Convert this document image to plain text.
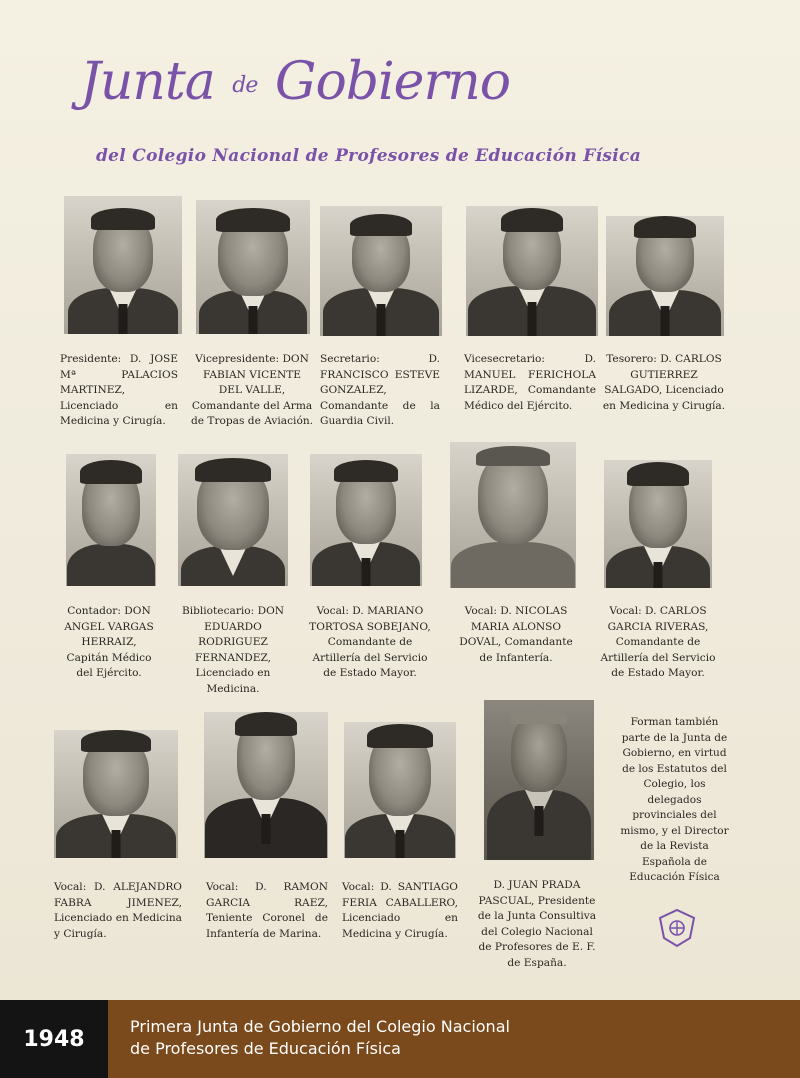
Junta de Gobierno
del Colegio Nacional de Profesores de Educación Física
Presidente: D. JOSE Mª PALACIOS MARTINEZ, Licenciado en Medicina y Cirugía.
Vicepresidente: DON FABIAN VICENTE DEL VALLE, Comandante del Arma de Tropas de Aviación.
Secretario: D. FRANCISCO ESTEVE GONZALEZ, Comandante de la Guardia Civil.
Vicesecretario: D. MANUEL FERICHOLA LIZARDE, Comandante Médico del Ejército.
Tesorero: D. CARLOS GUTIERREZ SALGADO, Licenciado en Medicina y Cirugía.
Contador: DON ANGEL VARGAS HERRAIZ, Capitán Médico del Ejército.
Bibliotecario: DON EDUARDO RODRIGUEZ FERNANDEZ, Licenciado en Medicina.
Vocal: D. MARIANO TORTOSA SOBEJANO, Comandante de Artillería del Servicio de Estado Mayor.
Vocal: D. NICOLAS MARIA ALONSO DOVAL, Comandante de Infantería.
Vocal: D. CARLOS GARCIA RIVERAS, Comandante de Artillería del Servicio de Estado Mayor.
Vocal: D. ALEJANDRO FABRA JIMENEZ, Licenciado en Medicina y Cirugía.
Vocal: D. RAMON GARCIA RAEZ, Teniente Coronel de Infantería de Marina.
Vocal: D. SANTIAGO FERIA CABALLERO, Licenciado en Medicina y Cirugía.
D. JUAN PRADA PASCUAL, Presidente de la Junta Consultiva del Colegio Nacional de Profesores de E. F. de España.
Forman también parte de la Junta de Gobierno, en virtud de los Estatutos del Colegio, los delegados provinciales del mismo, y el Director de la Revista Española de Educación Física
1948	Primera Junta de Gobierno del Colegio Nacional
de Profesores de Educación Física
